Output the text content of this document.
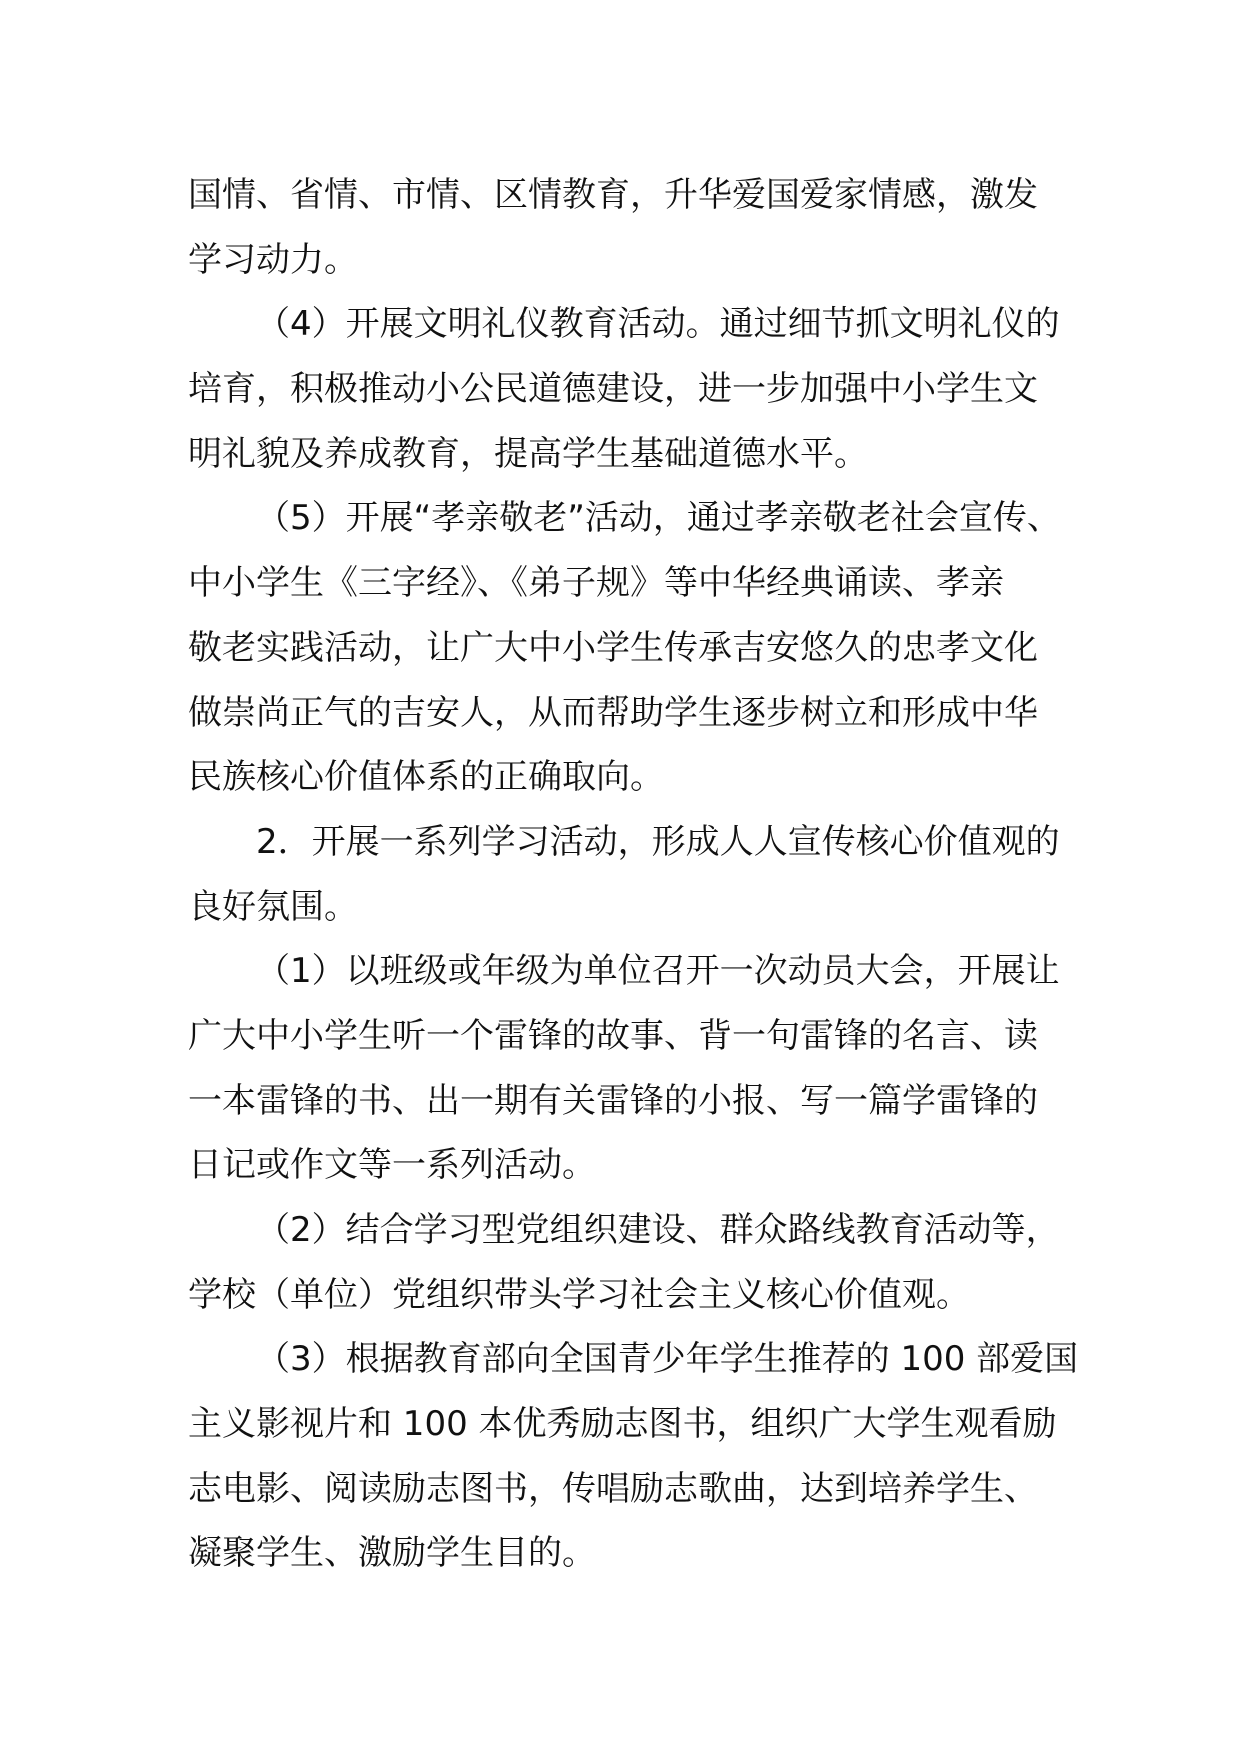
国情、省情、市情、区情教育，升华爱国爱家情感，激发
学习动力。
（4）开展文明礼仪教育活动。通过细节抓文明礼仪的
培育，积极推动小公民道德建设，进一步加强中小学生文
明礼貌及养成教育，提高学生基础道德水平。
（5）开展“孝亲敬老”活动，通过孝亲敬老社会宣传、
中小学生《三字经》、《弟子规》等中华经典诵读、孝亲
敬老实践活动，让广大中小学生传承吉安悠久的忠孝文化
做崇尚正气的吉安人，从而帮助学生逐步树立和形成中华
民族核心价值体系的正确取向。
2．开展一系列学习活动，形成人人宣传核心价值观的
良好氛围。
（1）以班级或年级为单位召开一次动员大会，开展让
广大中小学生听一个雷锋的故事、背一句雷锋的名言、读
一本雷锋的书、出一期有关雷锋的小报、写一篇学雷锋的
日记或作文等一系列活动。
（2）结合学习型党组织建设、群众路线教育活动等，
学校（单位）党组织带头学习社会主义核心价值观。
（3）根据教育部向全国青少年学生推荐的 100 部爱国
主义影视片和 100 本优秀励志图书，组织广大学生观看励
志电影、阅读励志图书，传唱励志歌曲，达到培养学生、
凝聚学生、激励学生目的。
